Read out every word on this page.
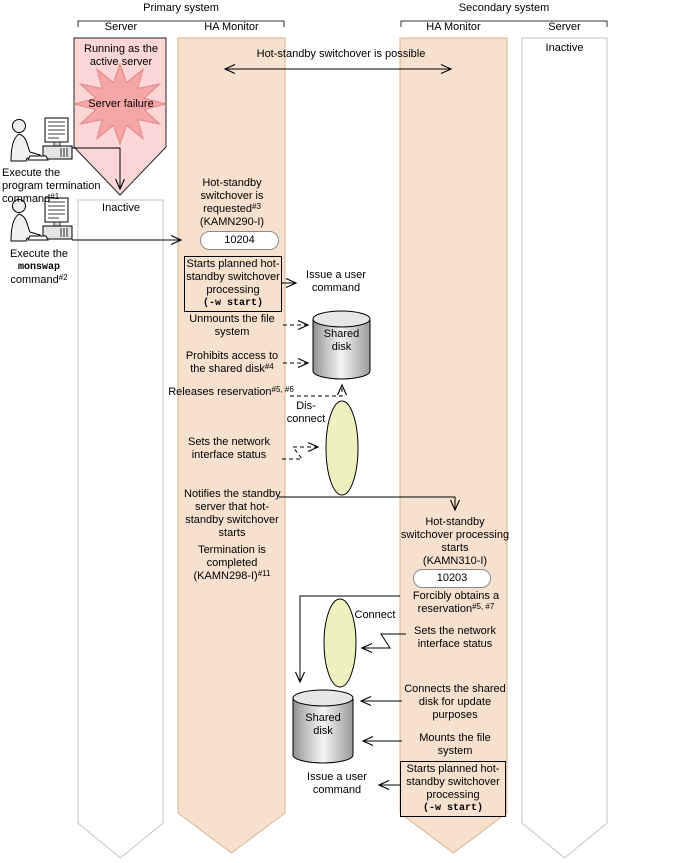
Primary system	Secondary system
Server	HA Monitor	HA Monitor	Server
Hot-standby switchover is possible
Running as the
active server
Server failure
Inactive
Inactive
Execute the
program termination
command$^{\#1}$
Execute the
monswap
command$^{\#2}$
Hot-standby
switchover is
requested$^{\#3}$
(KAMN290-I)
10204
Starts planned hot-
standby switchover
processing
(-w start)
Issue a user
command
Unmounts the file
system
Prohibits access to
the shared disk$^{\#4}$
Releases reservation$^{\#5, \#6}$
Shared
disk
Dis-
connect
Sets the network
interface status
Notifies the standby
server that hot-
standby switchover
starts
Termination is
completed
(KAMN298-I)$^{\#11}$
Hot-standby
switchover processing
starts
(KAMN310-I)
10203
Forcibly obtains a
reservation$^{\#5, \#7}$
Connect
Sets the network
interface status
Connects the shared
disk for update
purposes
Mounts the file
system
Starts planned hot-
standby switchover
processing
(-w start)
Issue a user
command
Shared
disk
